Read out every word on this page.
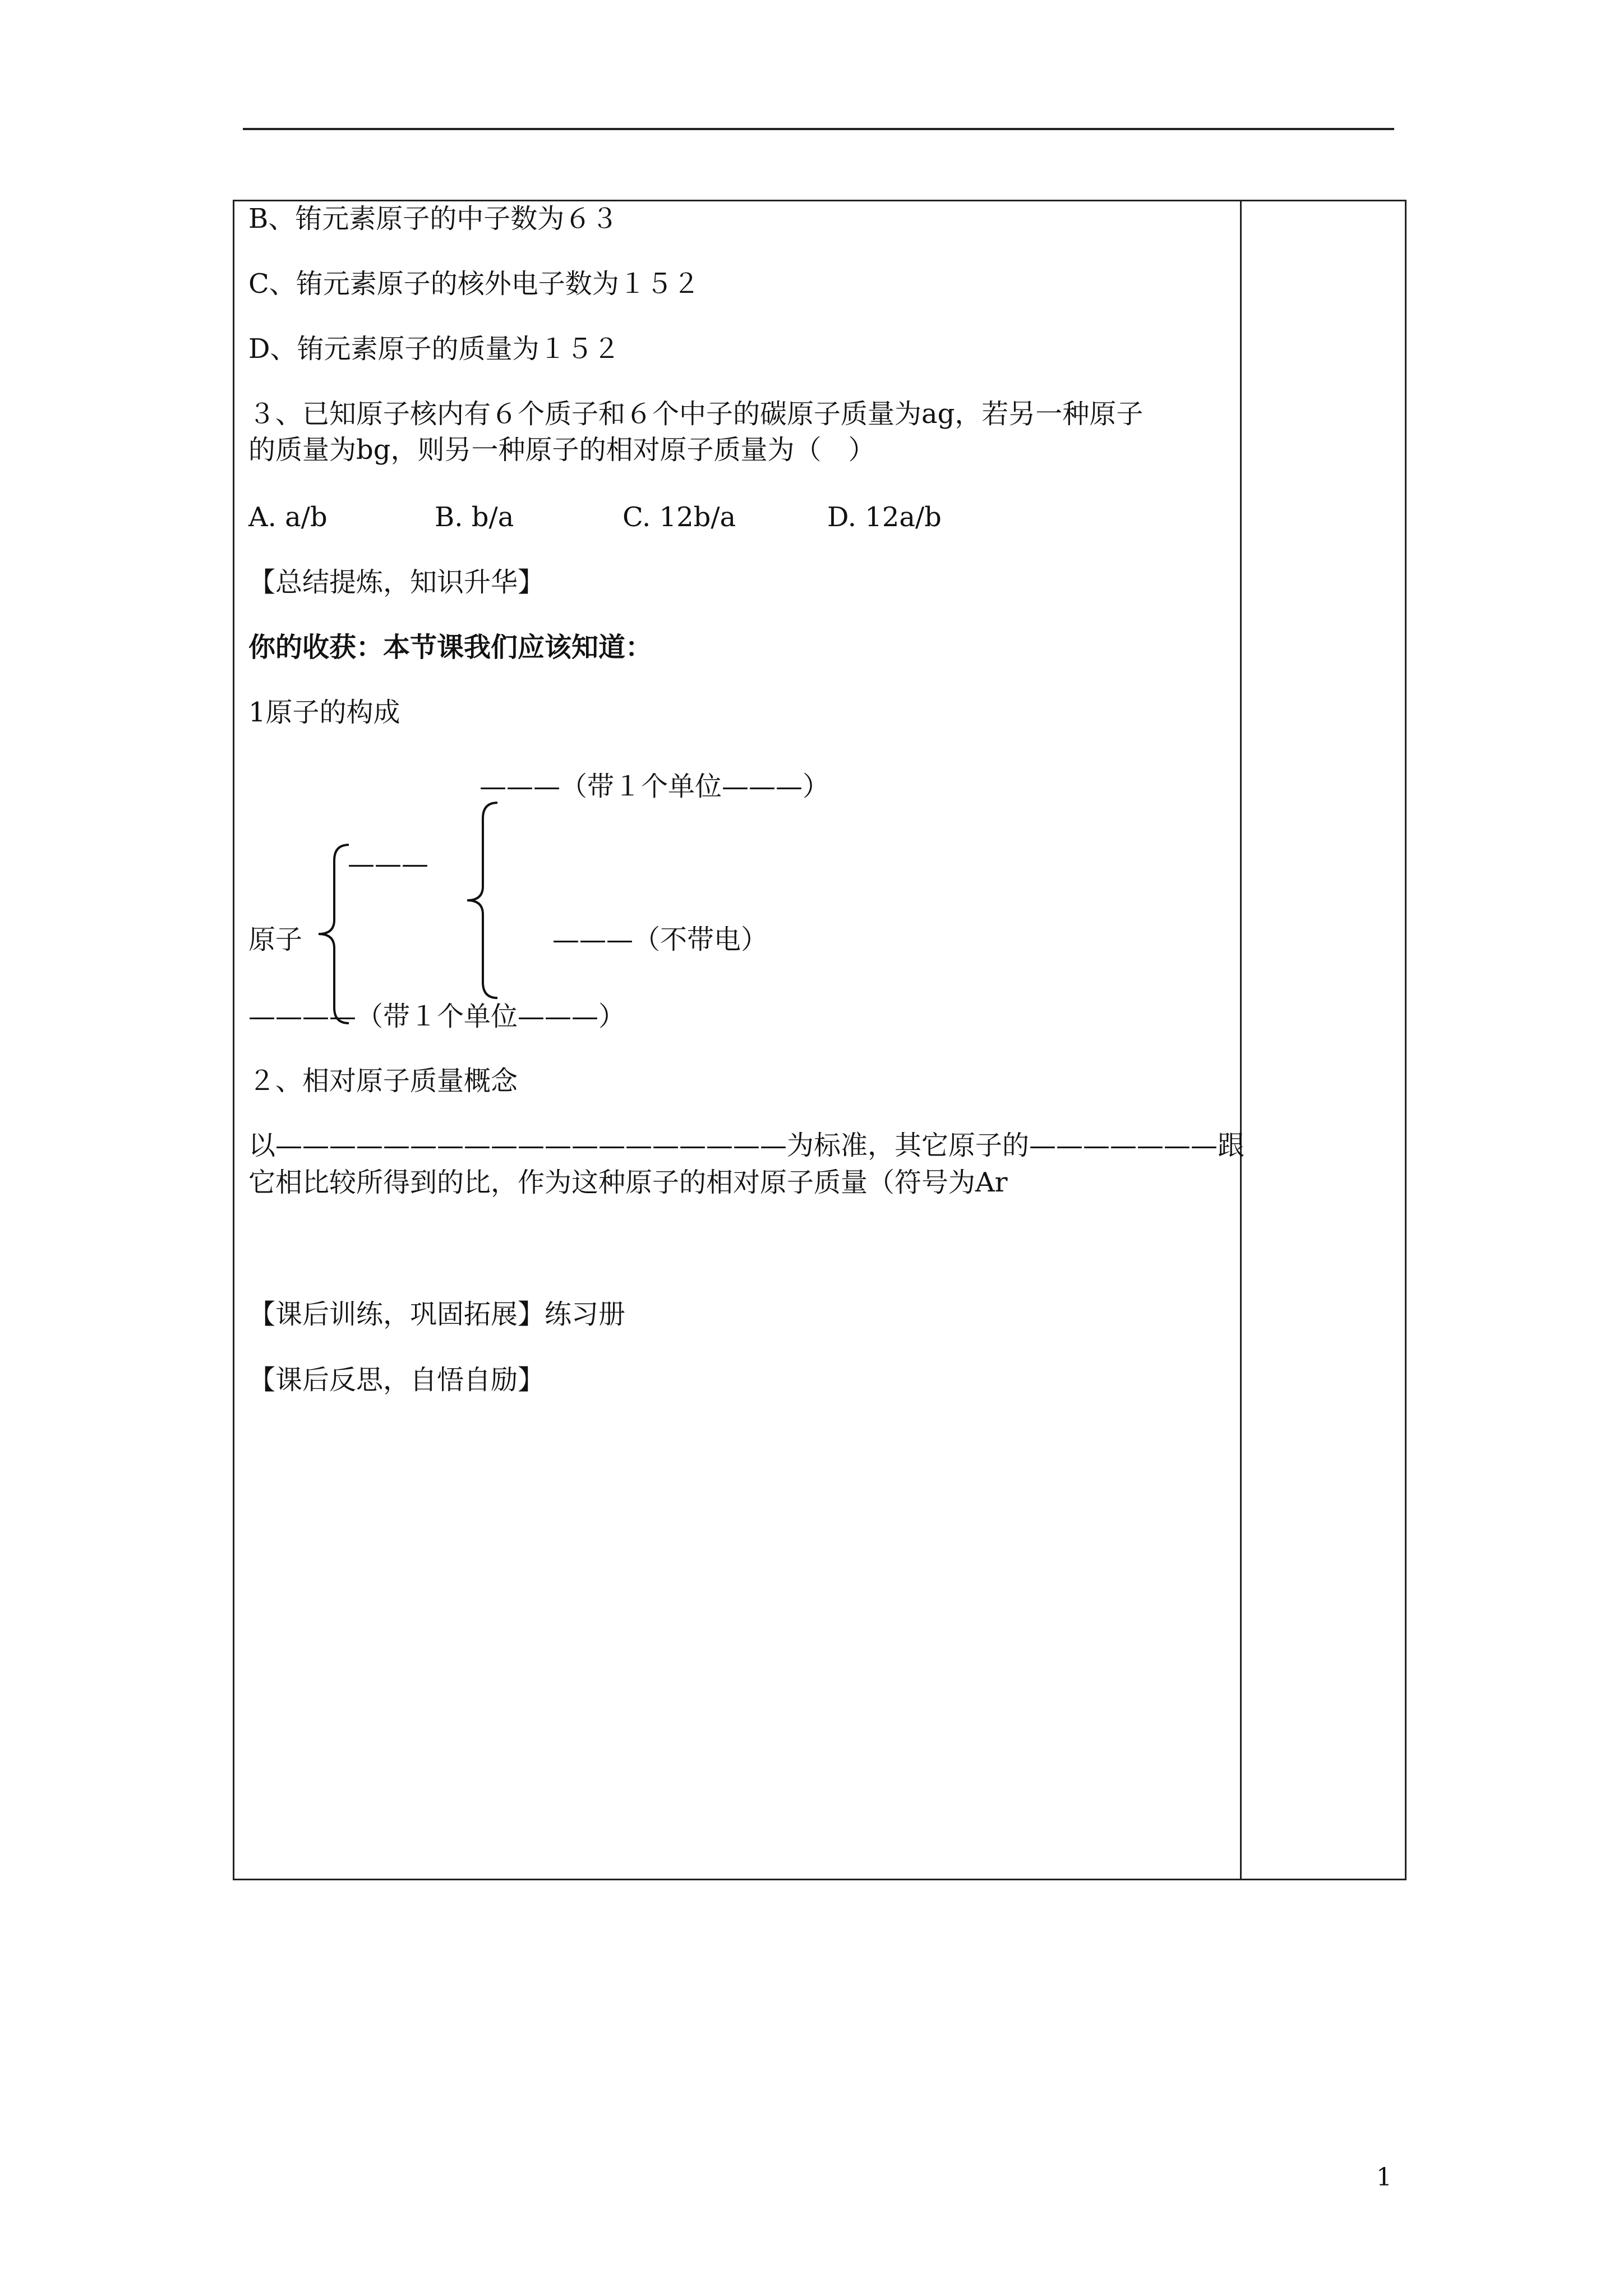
B、铕元素原子的中子数为６３
C、铕元素原子的核外电子数为１５２
D、铕元素原子的质量为１５２
３、已知原子核内有６个质子和６个中子的碳原子质量为ag，若另一种原子
的质量为bg，则另一种原子的相对原子质量为（　）
A. a/b	B. b/a	C. 12b/a	D. 12a/b
【总结提炼，知识升华】
你的收获：本节课我们应该知道：
1原子的构成
———（带１个单位———）
———
原子	———（不带电）
————（带１个单位———）
２、相对原子质量概念
以———————————————————为标准，其它原子的———————跟
它相比较所得到的比，作为这种原子的相对原子质量（符号为Ar
【课后训练，巩固拓展】练习册
【课后反思，自悟自励】
1
